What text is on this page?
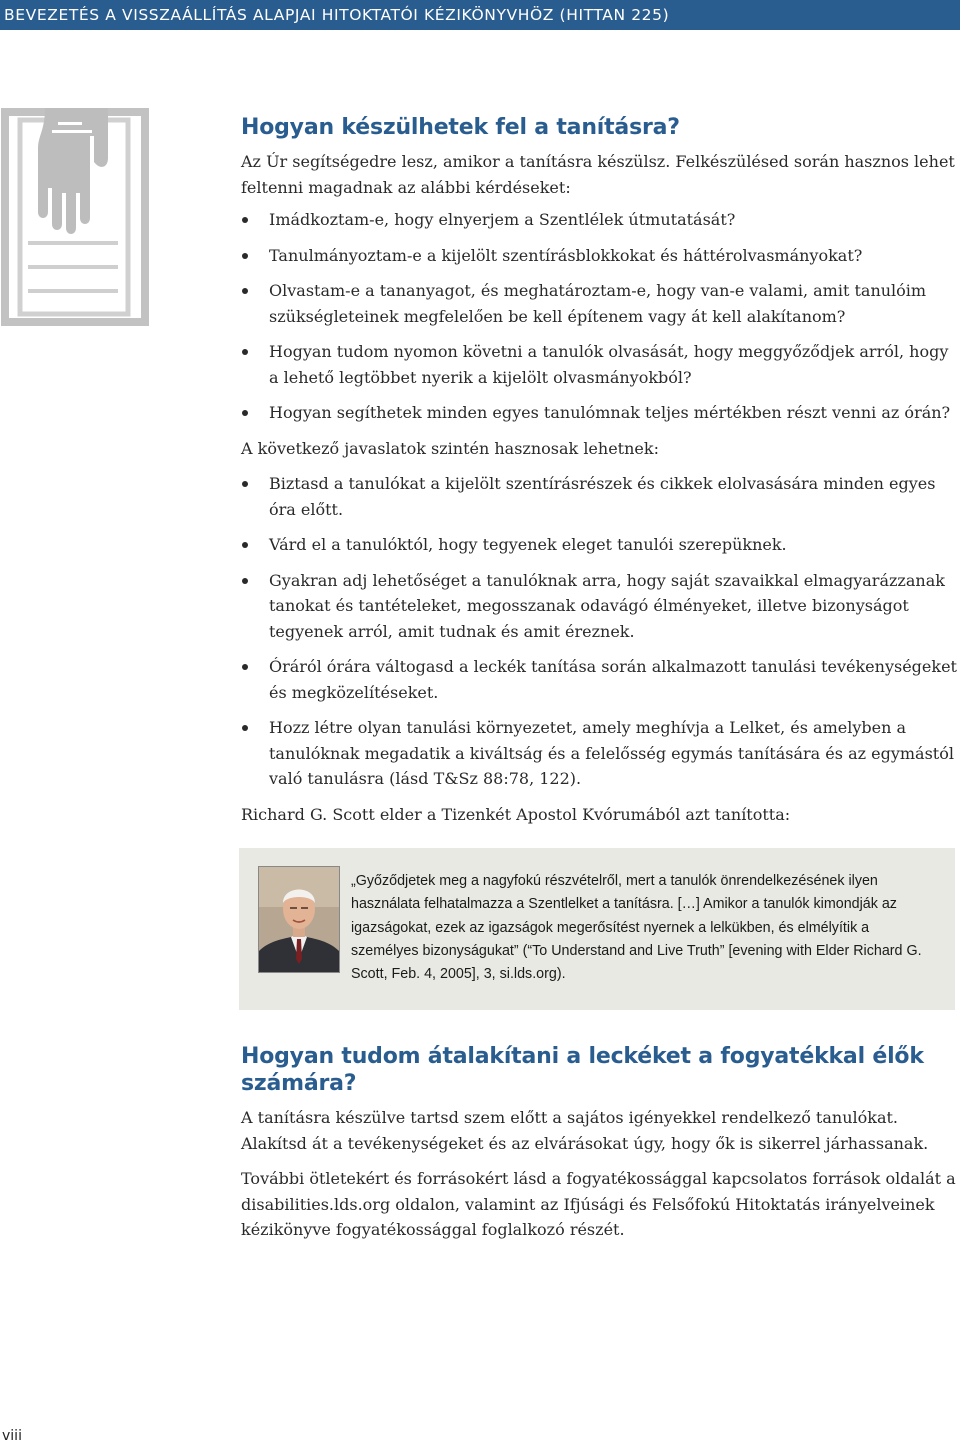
BEVEZETÉS A VISSZAÁLLÍTÁS ALAPJAI HITOKTATÓI KÉZIKÖNYVHÖZ (HITTAN 225)
Hogyan készülhetek fel a tanításra?

Az Úr segítségedre lesz, amikor a tanításra készülsz. Felkészülésed során hasznos lehet feltenni magadnak az alábbi kérdéseket:

Imádkoztam-e, hogy elnyerjem a Szentlélek útmutatását?
Tanulmányoztam-e a kijelölt szentírásblokkokat és háttérolvasmányokat?
Olvastam-e a tananyagot, és meghatároztam-e, hogy van-e valami, amit tanulóim szükségleteinek megfelelően be kell építenem vagy át kell alakítanom?
Hogyan tudom nyomon követni a tanulók olvasását, hogy meggyőződjek arról, hogy a lehető legtöbbet nyerik a kijelölt olvasmányokból?
Hogyan segíthetek minden egyes tanulómnak teljes mértékben részt venni az órán?

A következő javaslatok szintén hasznosak lehetnek:

Biztasd a tanulókat a kijelölt szentírásrészek és cikkek elolvasására minden egyes óra előtt.
Várd el a tanulóktól, hogy tegyenek eleget tanulói szerepüknek.
Gyakran adj lehetőséget a tanulóknak arra, hogy saját szavaikkal elmagyarázzanak tanokat és tantételeket, megosszanak odavágó élményeket, illetve bizonyságot tegyenek arról, amit tudnak és amit éreznek.
Óráról órára váltogasd a leckék tanítása során alkalmazott tanulási tevékenységeket és megközelítéseket.
Hozz létre olyan tanulási környezetet, amely meghívja a Lelket, és amelyben a tanulóknak megadatik a kiváltság és a felelősség egymás tanítására és az egymástól való tanulásra (lásd T&Sz 88:78, 122).

Richard G. Scott elder a Tizenkét Apostol Kvórumából azt tanította:

„Győződjetek meg a nagyfokú részvételről, mert a tanulók önrendelkezésének ilyen használata felhatalmazza a Szentlelket a tanításra. […] Amikor a tanulók kimondják az igazságokat, ezek az igazságok megerősítést nyernek a lelkükben, és elmélyítik a személyes bizonyságukat” (“To Understand and Live Truth” [evening with Elder Richard G. Scott, Feb. 4, 2005], 3, si.lds.org).
Hogyan tudom átalakítani a leckéket a fogyatékkal élők számára?

A tanításra készülve tartsd szem előtt a sajátos igényekkel rendelkező tanulókat. Alakítsd át a tevékenységeket és az elvárásokat úgy, hogy ők is sikerrel járhassanak.

További ötletekért és forrásokért lásd a fogyatékossággal kapcsolatos források oldalát a disabilities.lds.org oldalon, valamint az Ifjúsági és Felsőfokú Hitoktatás irányelveinek kézikönyve fogyatékossággal foglalkozó részét.

viii
